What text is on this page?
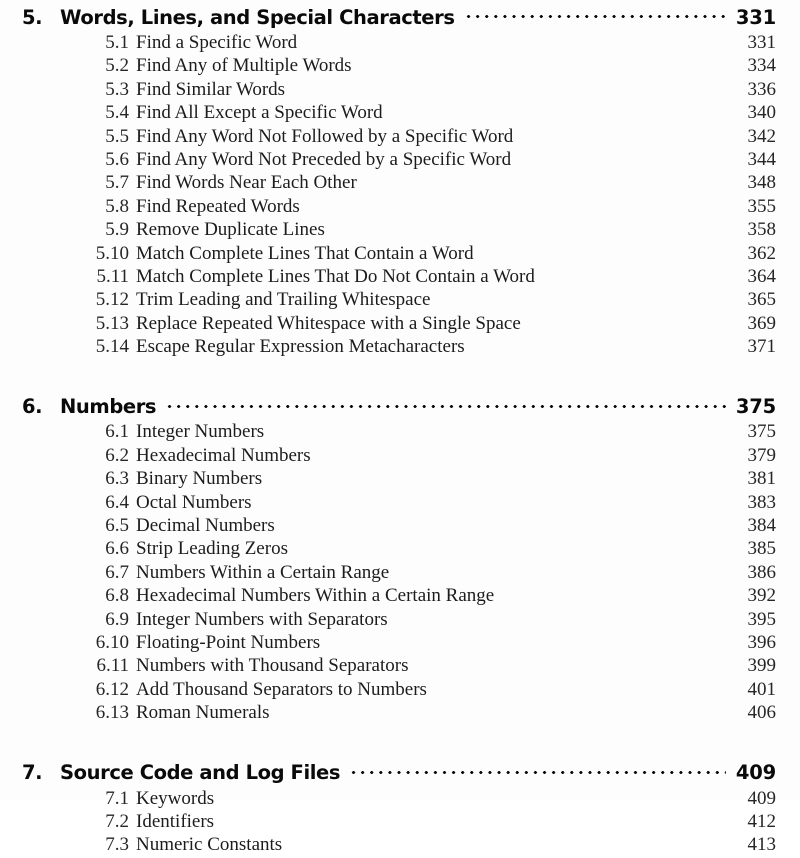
5. Words, Lines, and Special Characters	331
5.1 Find a Specific Word	331
5.2 Find Any of Multiple Words	334
5.3 Find Similar Words	336
5.4 Find All Except a Specific Word	340
5.5 Find Any Word Not Followed by a Specific Word	342
5.6 Find Any Word Not Preceded by a Specific Word	344
5.7 Find Words Near Each Other	348
5.8 Find Repeated Words	355
5.9 Remove Duplicate Lines	358
5.10 Match Complete Lines That Contain a Word	362
5.11 Match Complete Lines That Do Not Contain a Word	364
5.12 Trim Leading and Trailing Whitespace	365
5.13 Replace Repeated Whitespace with a Single Space	369
5.14 Escape Regular Expression Metacharacters	371
6. Numbers	375
6.1 Integer Numbers	375
6.2 Hexadecimal Numbers	379
6.3 Binary Numbers	381
6.4 Octal Numbers	383
6.5 Decimal Numbers	384
6.6 Strip Leading Zeros	385
6.7 Numbers Within a Certain Range	386
6.8 Hexadecimal Numbers Within a Certain Range	392
6.9 Integer Numbers with Separators	395
6.10 Floating-Point Numbers	396
6.11 Numbers with Thousand Separators	399
6.12 Add Thousand Separators to Numbers	401
6.13 Roman Numerals	406
7. Source Code and Log Files	409
7.1 Keywords	409
7.2 Identifiers	412
7.3 Numeric Constants	413
